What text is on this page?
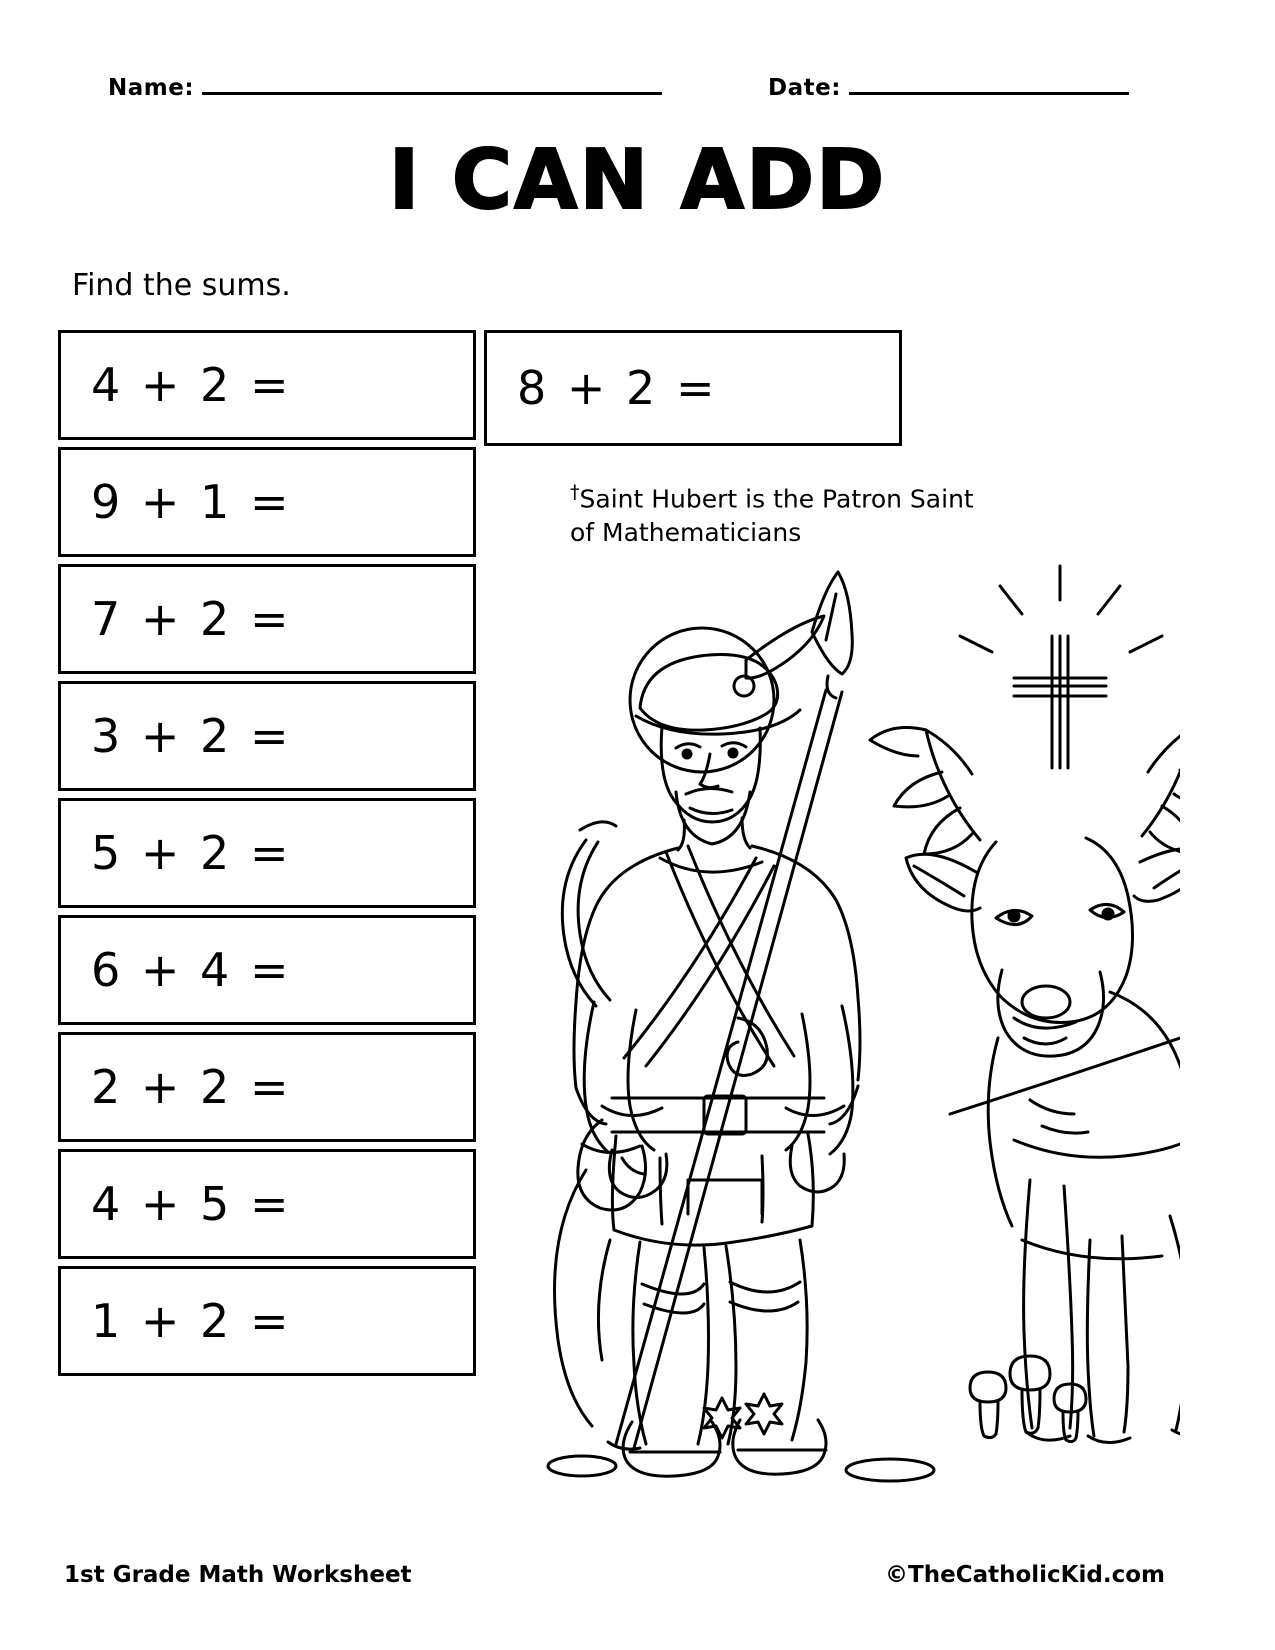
Name:	Date:
I CAN ADD
Find the sums.
4 + 2 =
9 + 1 =
7 + 2 =
3 + 2 =
5 + 2 =
6 + 4 =
2 + 2 =
4 + 5 =
1 + 2 =
8 + 2 =
†Saint Hubert is the Patron Saint of Mathematicians
1st Grade Math Worksheet	©TheCatholicKid.com
